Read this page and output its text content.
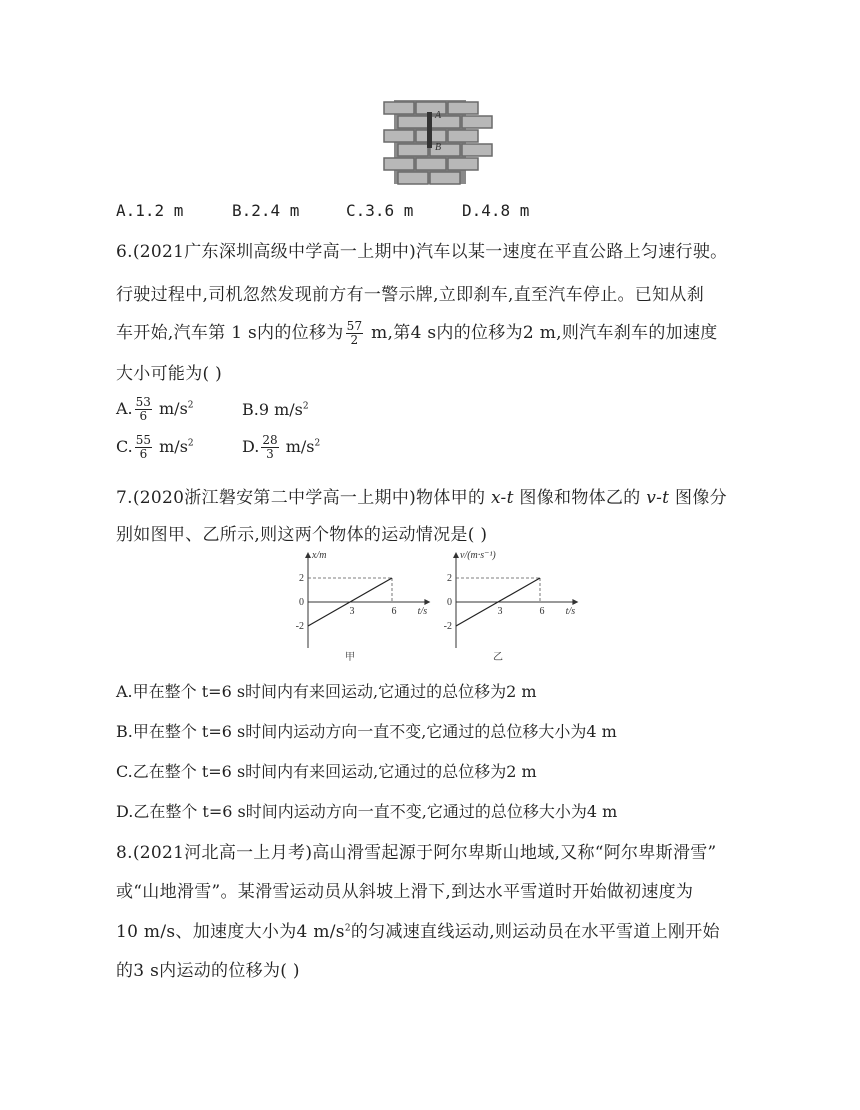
A
B
A.1.2 m	B.2.4 m	C.3.6 m	D.4.8 m
6.(2021广东深圳高级中学高一上期中)汽车以某一速度在平直公路上匀速行驶。
行驶过程中,司机忽然发现前方有一警示牌,立即刹车,直至汽车停止。已知从刹
车开始,汽车第 1 s内的位移为 $\frac{57}{2} m$,第4 s内的位移为2 m,则汽车刹车的加速度
大小可能为( )
A. $\frac{53}{6} m/s^2$	B.9 $m/s^2$
C. $\frac{55}{6} m/s^2$	D. $\frac{28}{3} m/s^2$
7.(2020浙江磐安第二中学高一上期中)物体甲的 x-t 图像和物体乙的 v-t 图像分
别如图甲、乙所示,则这两个物体的运动情况是( )
2
0
-2
3	6
x/m
t/s
甲
2
0
-2
3	6
v/(m·s⁻¹)
t/s
乙
A.甲在整个 t=6 s时间内有来回运动,它通过的总位移为2 m
B.甲在整个 t=6 s时间内运动方向一直不变,它通过的总位移大小为4 m
C.乙在整个 t=6 s时间内有来回运动,它通过的总位移为2 m
D.乙在整个 t=6 s时间内运动方向一直不变,它通过的总位移大小为4 m
8.(2021河北高一上月考)高山滑雪起源于阿尔卑斯山地域,又称“阿尔卑斯滑雪”
或“山地滑雪”。某滑雪运动员从斜坡上滑下,到达水平雪道时开始做初速度为
10 m/s、加速度大小为4 $m/s^2$的匀减速直线运动,则运动员在水平雪道上刚开始
的3 s内运动的位移为( )
